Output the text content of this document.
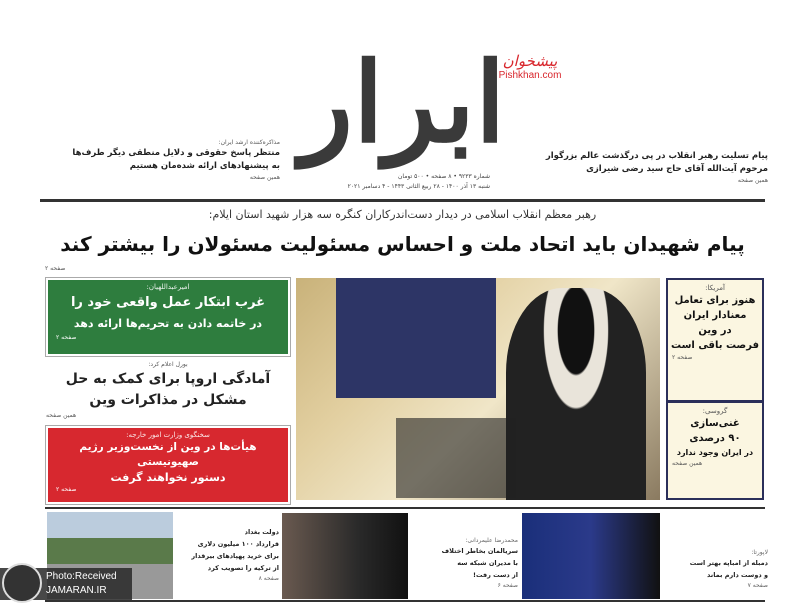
ابرار
پیشخوان
Pishkhan.com
شماره ۹۲۳۳ • ۸ صفحه • ۵۰۰ تومان
شنبه ۱۳ آذر ۱۴۰۰ - ۲۸ ربیع الثانی ۱۴۴۳ - ۴ دسامبر ۲۰۲۱
مذاکره‌کننده ارشد ایران:
منتظر پاسخ حقوقی و دلایل منطقی دیگر طرف‌ها
به پیشنهادهای ارائه شده‌مان هستیم
همین صفحه
پیام تسلیت رهبر انقلاب در پی درگذشت عالم بزرگوار
مرحوم آیت‌الله آقای حاج سید رضی شیرازی
همین صفحه
رهبر معظم انقلاب اسلامی در دیدار دست‌اندرکاران کنگره سه هزار شهید استان ایلام:
پیام شهیدان باید اتحاد ملت و احساس مسئولیت مسئولان را بیشتر کند
صفحه ۲
امیرعبداللهیان:
غرب ابتکار عمل واقعی خود را
در خاتمه دادن به تحریم‌ها ارائه دهد
صفحه ۲
بورل اعلام کرد:
آمادگی اروپا برای کمک به حل
مشکل در مذاکرات وین
همین صفحه
سخنگوی وزارت امور خارجه:
هیأت‌ها در وین از نخست‌وزیر رژیم صهیونیستی
دستور نخواهند گرفت
صفحه ۲
آمریکا:
هنوز برای تعامل
معنادار ایران
در وین
فرصت باقی است
صفحه ۲
گروسی:
غنی‌سازی
۹۰ درصدی
در ایران وجود ندارد
همین صفحه
دولت بغداد
قرارداد ۱۰۰ میلیون دلاری
برای خرید پهپادهای بیرقدار
از ترکیه را تصویب کرد
صفحه ۸
محمدرضا علیمردانی:
سریالمان بخاطر اختلاف
با مدیران شبکه سه
از دست رفت!
صفحه ۶
لاپورتا:
دمبله از امباپه بهتر است
و دوست دارم بماند
صفحه ۷
Photo:Received
JAMARAN.IR
